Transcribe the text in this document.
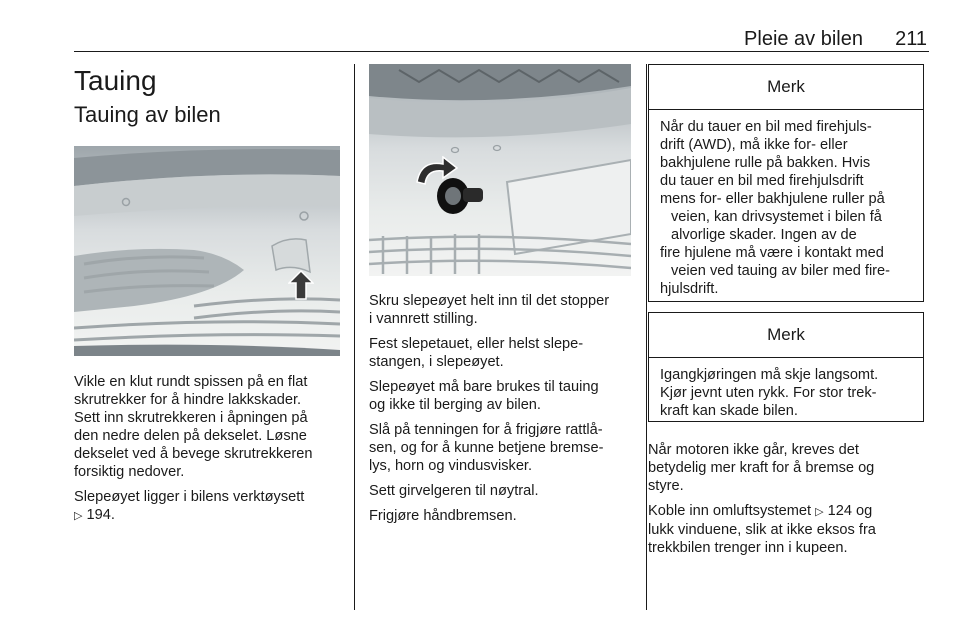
Pleie av bilen 211
Tauing
Tauing av bilen

Vikle en klut rundt spissen på en flat
skrutrekker for å hindre lakkskader.
Sett inn skrutrekkeren i åpningen på
den nedre delen på dekselet. Løsne
dekselet ved å bevege skrutrekkeren
forsiktig nedover.

Slepeøyet ligger i bilens verktøysett
▷ 194.

Skru slepeøyet helt inn til det stopper
i vannrett stilling.

Fest slepetauet, eller helst slepe-
stangen, i slepeøyet.

Slepeøyet må bare brukes til tauing
og ikke til berging av bilen.

Slå på tenningen for å frigjøre rattlå-
sen, og for å kunne betjene bremse-
lys, horn og vindusvisker.

Sett girvelgeren til nøytral.

Frigjøre håndbremsen.

Merk
Når du tauer en bil med firehjuls-
drift (AWD), må ikke for- eller
bakhjulene rulle på bakken. Hvis
du tauer en bil med firehjulsdrift
mens for- eller bakhjulene ruller på
veien, kan drivsystemet i bilen få
alvorlige skader. Ingen av de
fire hjulene må være i kontakt med
veien ved tauing av biler med fire-
hjulsdrift.
Merk
Igangkjøringen må skje langsomt.
Kjør jevnt uten rykk. For stor trek-
kraft kan skade bilen.

Når motoren ikke går, kreves det
betydelig mer kraft for å bremse og
styre.

Koble inn omluftsystemet ▷ 124 og
lukk vinduene, slik at ikke eksos fra
trekkbilen trenger inn i kupeen.
